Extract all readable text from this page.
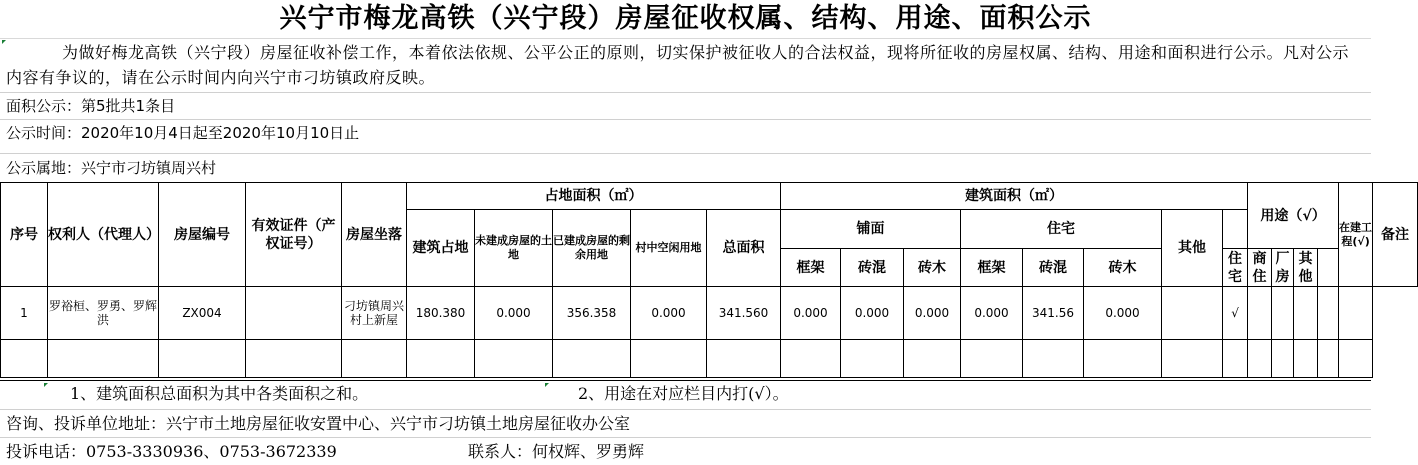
兴宁市梅龙高铁（兴宁段）房屋征收权属、结构、用途、面积公示
为做好梅龙高铁（兴宁段）房屋征收补偿工作，本着依法依规、公平公正的原则，切实保护被征收人的合法权益，现将所征收的房屋权属、结构、用途和面积进行公示。凡对公示内容有争议的，请在公示时间内向兴宁市刁坊镇政府反映。
面积公示：第5批共1条目
公示时间：2020年10月4日起至2020年10月10日止
公示属地：兴宁市刁坊镇周兴村
序号	权利人（代理人）	房屋编号	有效证件（产权证号）	房屋坐落	占地面积（㎡）					建筑面积（㎡）								用途（√）				在建工程(√)	备注
					建筑占地	未建成房屋的土地	已建成房屋的剩余用地	村中空闲用地	总面积	铺面			住宅			其他							
										框架	砖混	砖木	框架	砖混	砖木		住宅	商住	厂房	其他			
1	罗裕桓、罗勇、罗辉洪	ZX004		刁坊镇周兴村上新屋	180.380	0.000	356.358	0.000	341.560	0.000	0.000	0.000	0.000	341.56	0.000		√						

1、建筑面积总面积为其中各类面积之和。	2、用途在对应栏目内打(√）。
咨询、投诉单位地址：兴宁市土地房屋征收安置中心、兴宁市刁坊镇土地房屋征收办公室
投诉电话：0753-3330936、0753-3672339	联系人：何权辉、罗勇辉
